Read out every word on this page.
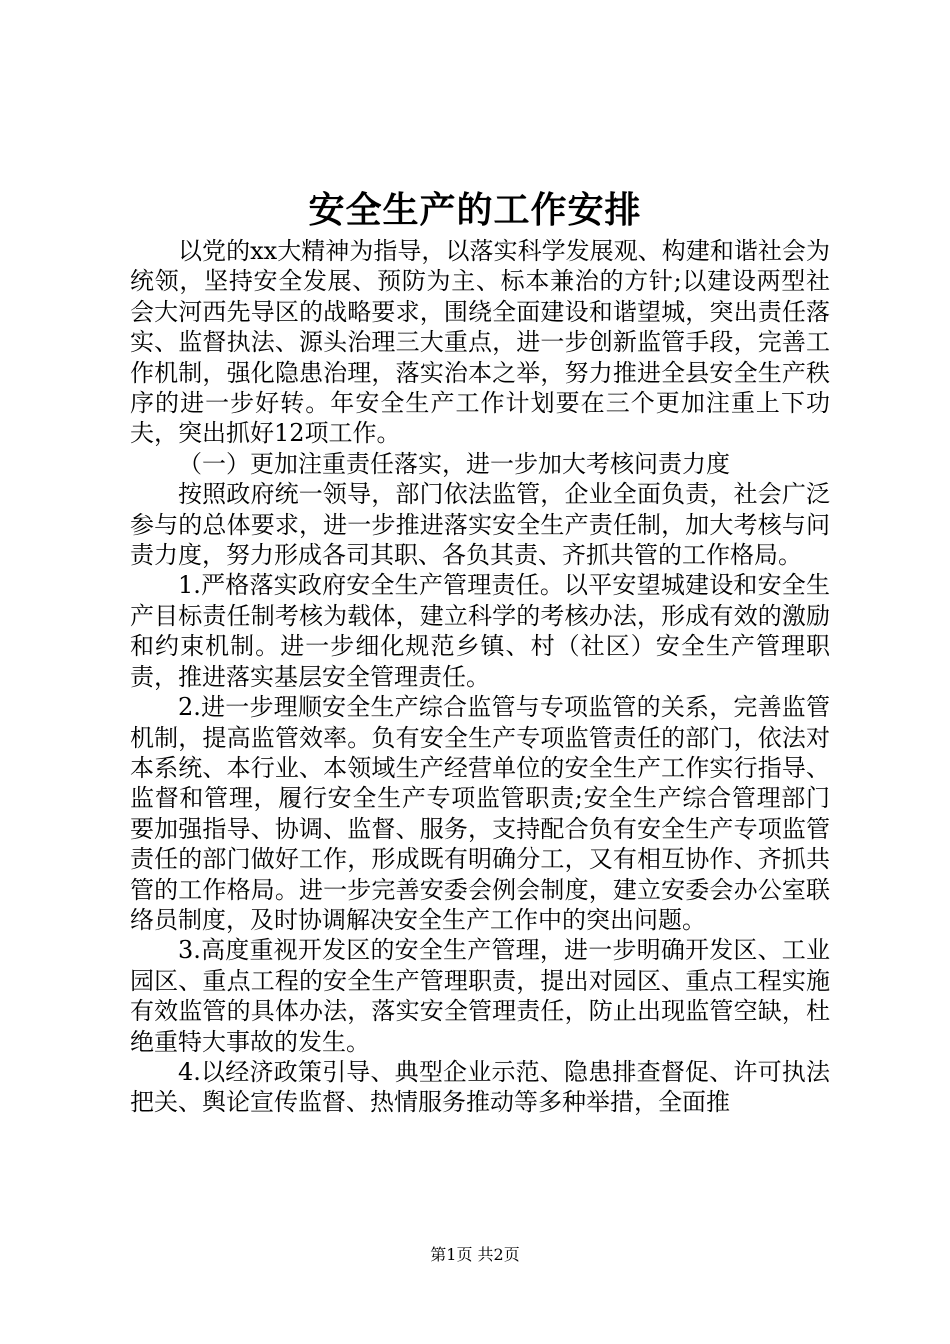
安全生产的工作安排

以党的xx大精神为指导，以落实科学发展观、构建和谐社会为统领，坚持安全发展、预防为主、标本兼治的方针;以建设两型社会大河西先导区的战略要求，围绕全面建设和谐望城，突出责任落实、监督执法、源头治理三大重点，进一步创新监管手段，完善工作机制，强化隐患治理，落实治本之举，努力推进全县安全生产秩序的进一步好转。年安全生产工作计划要在三个更加注重上下功夫，突出抓好12项工作。

（一）更加注重责任落实，进一步加大考核问责力度

按照政府统一领导，部门依法监管，企业全面负责，社会广泛参与的总体要求，进一步推进落实安全生产责任制，加大考核与问责力度，努力形成各司其职、各负其责、齐抓共管的工作格局。

1.严格落实政府安全生产管理责任。以平安望城建设和安全生产目标责任制考核为载体，建立科学的考核办法，形成有效的激励和约束机制。进一步细化规范乡镇、村（社区）安全生产管理职责，推进落实基层安全管理责任。

2.进一步理顺安全生产综合监管与专项监管的关系，完善监管机制，提高监管效率。负有安全生产专项监管责任的部门，依法对本系统、本行业、本领域生产经营单位的安全生产工作实行指导、监督和管理，履行安全生产专项监管职责;安全生产综合管理部门要加强指导、协调、监督、服务，支持配合负有安全生产专项监管责任的部门做好工作，形成既有明确分工，又有相互协作、齐抓共管的工作格局。进一步完善安委会例会制度，建立安委会办公室联络员制度，及时协调解决安全生产工作中的突出问题。

3.高度重视开发区的安全生产管理，进一步明确开发区、工业园区、重点工程的安全生产管理职责，提出对园区、重点工程实施有效监管的具体办法，落实安全管理责任，防止出现监管空缺，杜绝重特大事故的发生。

4.以经济政策引导、典型企业示范、隐患排查督促、许可执法把关、舆论宣传监督、热情服务推动等多种举措，全面推

第1页 共2页
